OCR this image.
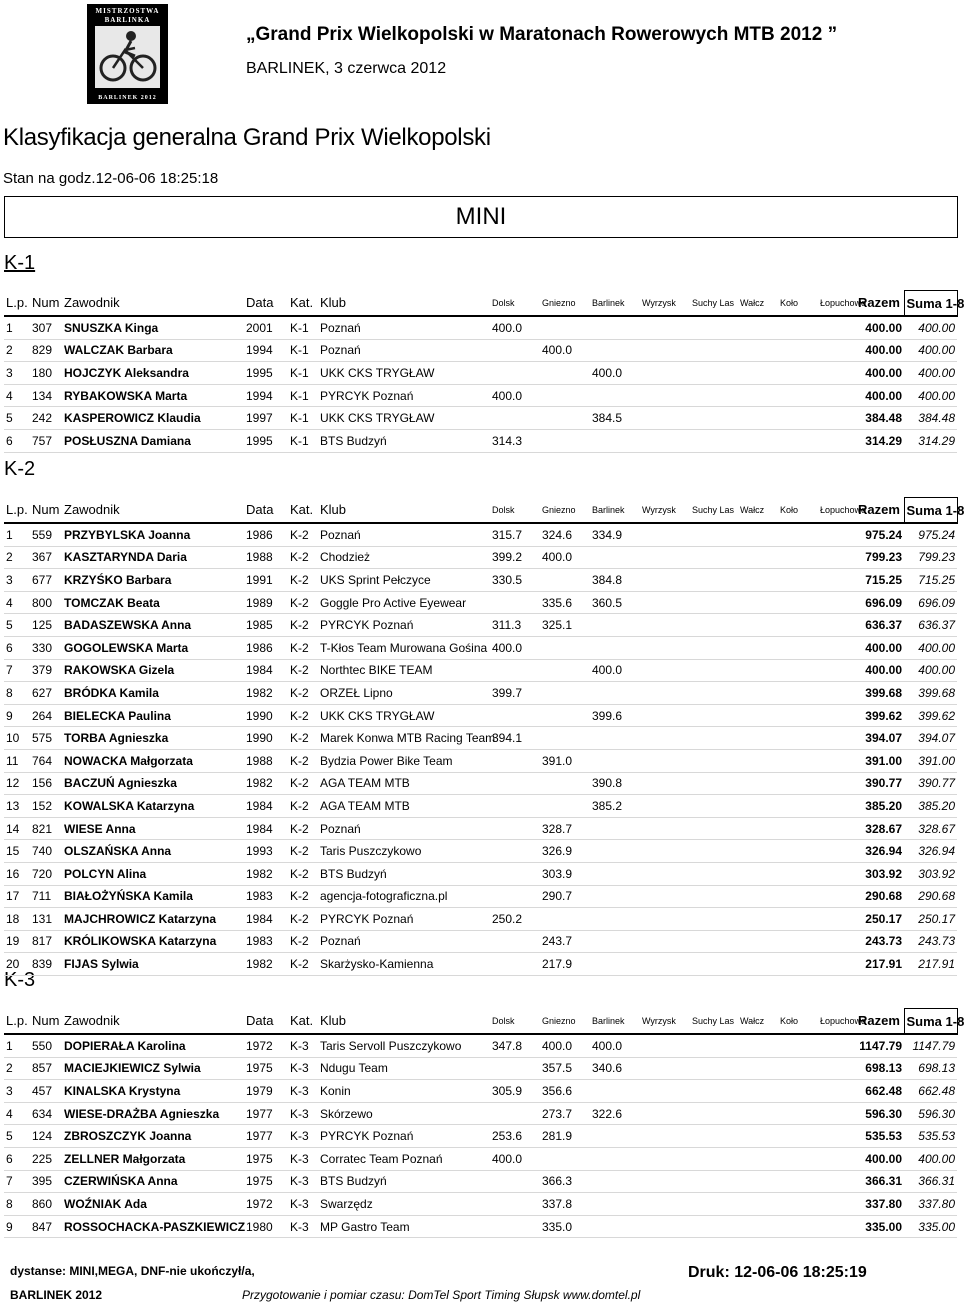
MISTRZOSTWA
BARLINKA
BARLINEK 2012
„Grand Prix Wielkopolski w Maratonach Rowerowych MTB 2012 ”
BARLINEK, 3 czerwca 2012
Klasyfikacja generalna Grand Prix Wielkopolski
Stan na godz.12-06-06 18:25:18
MINI
K-1
K-2
K-3
L.p.	Num	Zawodnik	Data	Kat.	Klub	Dolsk	Gniezno	Barlinek	Wyrzysk	Suchy Las	Wałcz	Koło	Łopuchowo	Razem	Suma 1-8
1	307	SNUSZKA Kinga	2001	K-1	Poznań	400.0								400.00	400.00
2	829	WALCZAK Barbara	1994	K-1	Poznań		400.0							400.00	400.00
3	180	HOJCZYK Aleksandra	1995	K-1	UKK CKS TRYGŁAW			400.0						400.00	400.00
4	134	RYBAKOWSKA Marta	1994	K-1	PYRCYK Poznań	400.0								400.00	400.00
5	242	KASPEROWICZ Klaudia	1997	K-1	UKK CKS TRYGŁAW			384.5						384.48	384.48
6	757	POSŁUSZNA Damiana	1995	K-1	BTS Budzyń	314.3								314.29	314.29
L.p.	Num	Zawodnik	Data	Kat.	Klub	Dolsk	Gniezno	Barlinek	Wyrzysk	Suchy Las	Wałcz	Koło	Łopuchowo	Razem	Suma 1-8
1	559	PRZYBYLSKA Joanna	1986	K-2	Poznań	315.7	324.6	334.9						975.24	975.24
2	367	KASZTARYNDA Daria	1988	K-2	Chodzież	399.2	400.0							799.23	799.23
3	677	KRZYŚKO Barbara	1991	K-2	UKS Sprint Pełczyce	330.5		384.8						715.25	715.25
4	800	TOMCZAK Beata	1989	K-2	Goggle Pro Active Eyewear		335.6	360.5						696.09	696.09
5	125	BADASZEWSKA Anna	1985	K-2	PYRCYK Poznań	311.3	325.1							636.37	636.37
6	330	GOGOLEWSKA Marta	1986	K-2	T-Kłos Team Murowana Gośina	400.0								400.00	400.00
7	379	RAKOWSKA Gizela	1984	K-2	Northtec BIKE TEAM			400.0						400.00	400.00
8	627	BRÓDKA Kamila	1982	K-2	ORZEŁ Lipno	399.7								399.68	399.68
9	264	BIELECKA Paulina	1990	K-2	UKK CKS TRYGŁAW			399.6						399.62	399.62
10	575	TORBA Agnieszka	1990	K-2	Marek Konwa MTB Racing Team	394.1								394.07	394.07
11	764	NOWACKA Małgorzata	1988	K-2	Bydzia Power Bike Team		391.0							391.00	391.00
12	156	BACZUŃ Agnieszka	1982	K-2	AGA TEAM MTB			390.8						390.77	390.77
13	152	KOWALSKA Katarzyna	1984	K-2	AGA TEAM MTB			385.2						385.20	385.20
14	821	WIESE Anna	1984	K-2	Poznań		328.7							328.67	328.67
15	740	OLSZAŃSKA Anna	1993	K-2	Taris Puszczykowo		326.9							326.94	326.94
16	720	POLCYN Alina	1982	K-2	BTS Budzyń		303.9							303.92	303.92
17	711	BIAŁOŻYŃSKA Kamila	1983	K-2	agencja-fotograficzna.pl		290.7							290.68	290.68
18	131	MAJCHROWICZ Katarzyna	1984	K-2	PYRCYK Poznań	250.2								250.17	250.17
19	817	KRÓLIKOWSKA Katarzyna	1983	K-2	Poznań		243.7							243.73	243.73
20	839	FIJAS Sylwia	1982	K-2	Skarżysko-Kamienna		217.9							217.91	217.91
L.p.	Num	Zawodnik	Data	Kat.	Klub	Dolsk	Gniezno	Barlinek	Wyrzysk	Suchy Las	Wałcz	Koło	Łopuchowo	Razem	Suma 1-8
1	550	DOPIERAŁA Karolina	1972	K-3	Taris Servoll Puszczykowo	347.8	400.0	400.0						1147.79	1147.79
2	857	MACIEJKIEWICZ Sylwia	1975	K-3	Ndugu Team		357.5	340.6						698.13	698.13
3	457	KINALSKA Krystyna	1979	K-3	Konin	305.9	356.6							662.48	662.48
4	634	WIESE-DRAŻBA Agnieszka	1977	K-3	Skórzewo		273.7	322.6						596.30	596.30
5	124	ZBROSZCZYK Joanna	1977	K-3	PYRCYK Poznań	253.6	281.9							535.53	535.53
6	225	ZELLNER Małgorzata	1975	K-3	Corratec Team Poznań	400.0								400.00	400.00
7	395	CZERWIŃSKA Anna	1975	K-3	BTS Budzyń		366.3							366.31	366.31
8	860	WOŹNIAK Ada	1972	K-3	Swarzędz		337.8							337.80	337.80
9	847	ROSSOCHACKA-PASZKIEWICZ	1980	K-3	MP Gastro Team		335.0							335.00	335.00
dystanse: MINI,MEGA, DNF-nie ukończył/a,
BARLINEK 2012	Przygotowanie i pomiar czasu: DomTel Sport Timing Słupsk www.domtel.pl
Druk: 12-06-06 18:25:19
